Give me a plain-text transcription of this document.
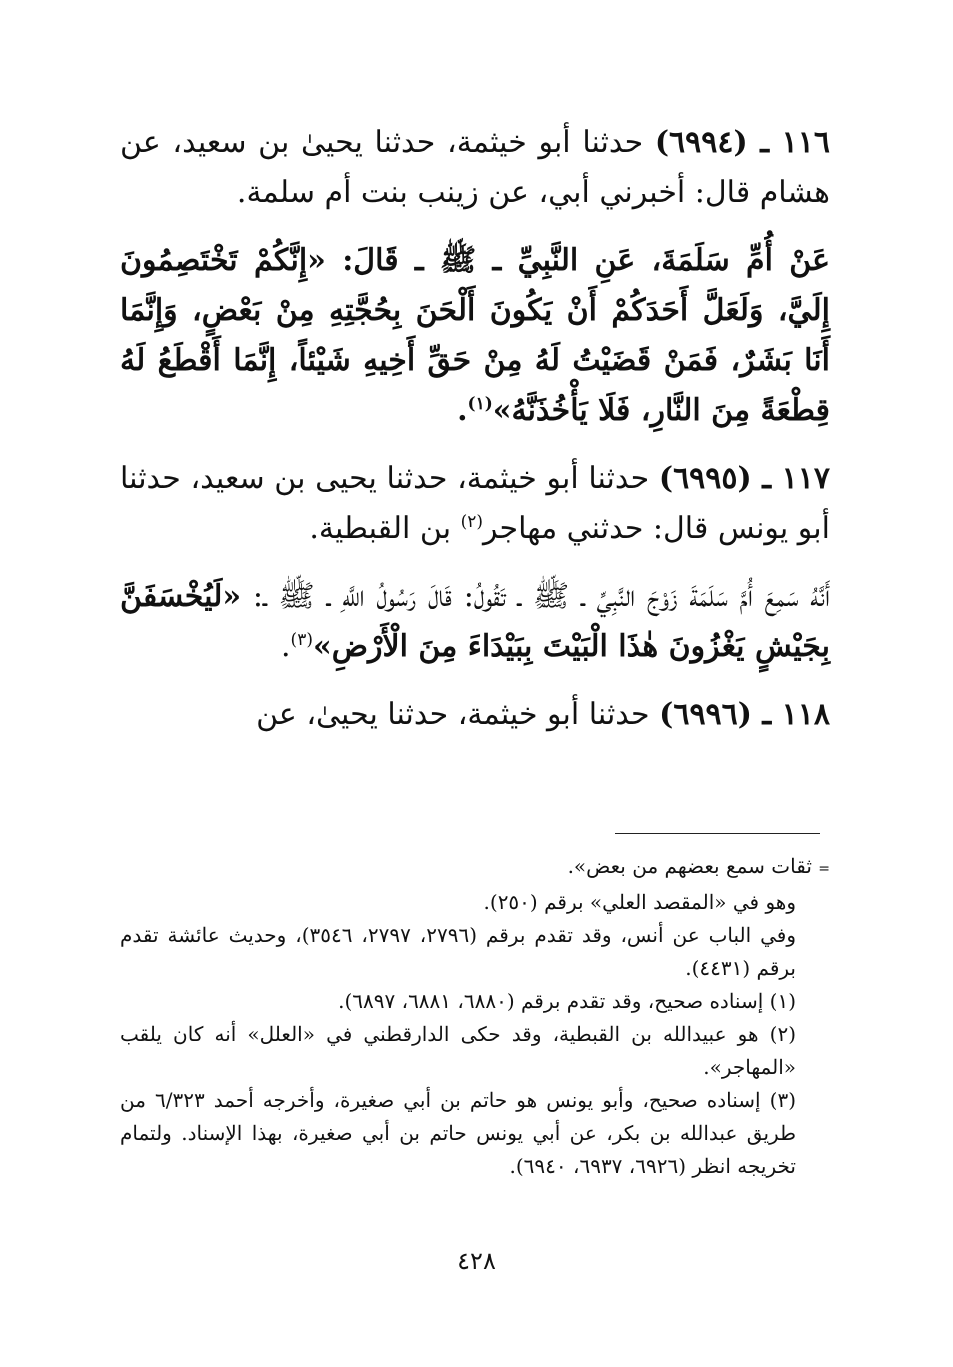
١١٦ ـ (٦٩٩٤) حدثنا أبو خيثمة، حدثنا يحيىٰ بن سعيد، عن هشام قال: أخبرني أبي، عن زينب بنت أم سلمة.

عَنْ أُمِّ سَلَمَةَ، عَنِ النَّبِيِّ ـ ﷺ ـ قَالَ: «إِنَّكُمْ تَخْتَصِمُونَ إِلَيَّ، وَلَعَلَّ أَحَدَكُمْ أَنْ يَكُونَ أَلْحَنَ بِحُجَّتِهِ مِنْ بَعْضٍ، وَإِنَّمَا أَنَا بَشَرٌ، فَمَنْ قَضَيْتُ لَهُ مِنْ حَقِّ أَخِيهِ شَيْئاً، إِنَّمَا أَقْطَعُ لَهُ قِطْعَةً مِنَ النَّارِ، فَلَا يَأْخُذَنَّهُ»$^{(١)}$.

١١٧ ـ (٦٩٩٥) حدثنا أبو خيثمة، حدثنا يحيى بن سعيد، حدثنا أبو يونس قال: حدثني مهاجر$^{(٢)}$ بن القبطية.

أَنَّهُ سَمِعَ أُمَّ سَلَمَةَ زَوْجَ النَّبِيِّ ـ ﷺ ـ تَقُولُ: قَالَ رَسُولُ اللَّهِ ـ ﷺ ـ: «لَيُخْسَفَنَّ بِجَيْشٍ يَغْزُونَ هٰذَا الْبَيْتَ بِبَيْدَاءَ مِنَ الْأَرْضِ»$^{(٣)}$.

١١٨ ـ (٦٩٩٦) حدثنا أبو خيثمة، حدثنا يحيىٰ، عن

= ثقات سمع بعضهم من بعض».

وهو في «المقصد العلي» برقم (٢٥٠).

وفي الباب عن أنس، وقد تقدم برقم (٢٧٩٦، ٢٧٩٧، ٣٥٤٦)، وحديث عائشة تقدم برقم (٤٤٣١).

(١) إسناده صحيح، وقد تقدم برقم (٦٨٨٠، ٦٨٨١، ٦٨٩٧).

(٢) هو عبيدالله بن القبطية، وقد حكى الدارقطني في «العلل» أنه كان يلقب «المهاجر».

(٣) إسناده صحيح، وأبو يونس هو حاتم بن أبي صغيرة، وأخرجه أحمد ٦/٣٢٣ من طريق عبدالله بن بكر، عن أبي يونس حاتم بن أبي صغيرة، بهذا الإسناد. ولتمام تخريجه انظر (٦٩٢٦، ٦٩٣٧، ٦٩٤٠).

٤٢٨
